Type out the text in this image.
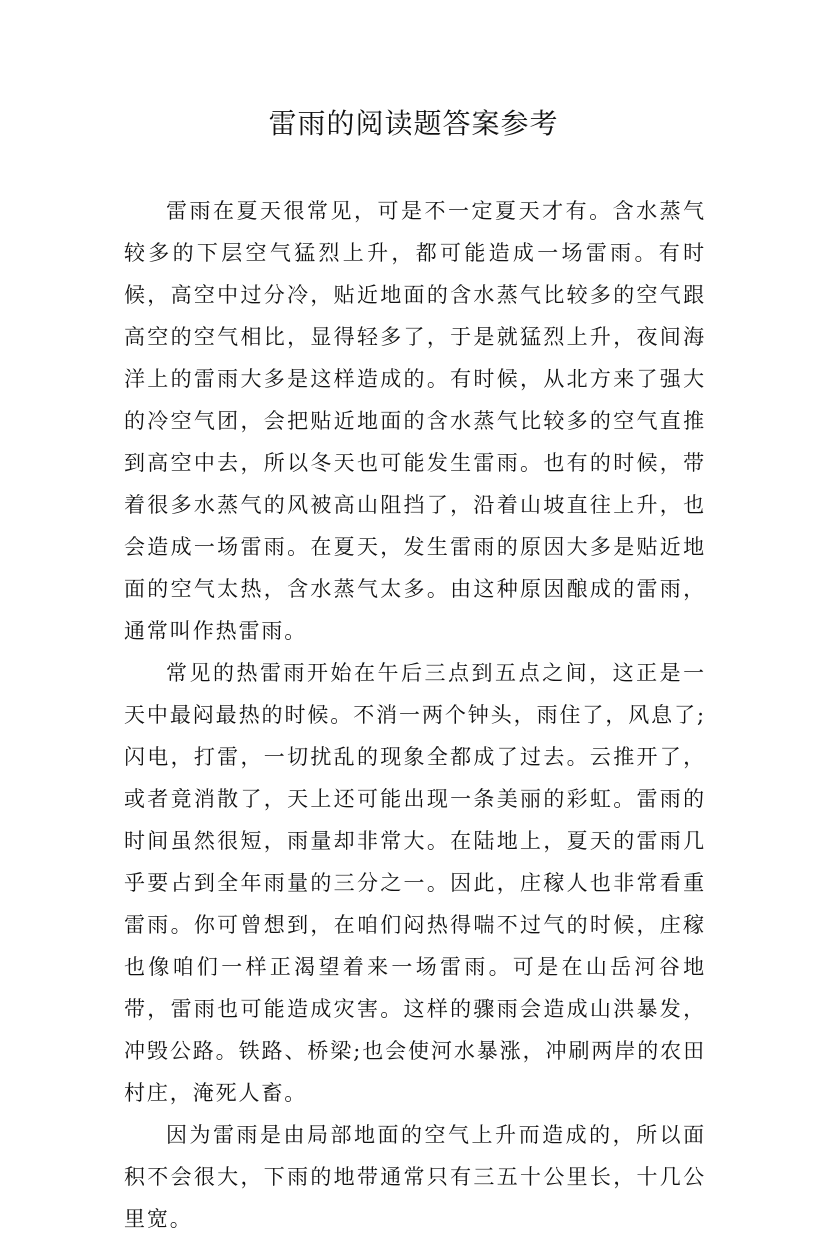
雷雨的阅读题答案参考

雷雨在夏天很常见，可是不一定夏天才有。含水蒸气较多的下层空气猛烈上升，都可能造成一场雷雨。有时候，高空中过分冷，贴近地面的含水蒸气比较多的空气跟高空的空气相比，显得轻多了，于是就猛烈上升，夜间海洋上的雷雨大多是这样造成的。有时候，从北方来了强大的冷空气团，会把贴近地面的含水蒸气比较多的空气直推到高空中去，所以冬天也可能发生雷雨。也有的时候，带着很多水蒸气的风被高山阻挡了，沿着山坡直往上升，也会造成一场雷雨。在夏天，发生雷雨的原因大多是贴近地面的空气太热，含水蒸气太多。由这种原因酿成的雷雨，通常叫作热雷雨。

常见的热雷雨开始在午后三点到五点之间，这正是一天中最闷最热的时候。不消一两个钟头，雨住了，风息了;闪电，打雷，一切扰乱的现象全都成了过去。云推开了，或者竟消散了，天上还可能出现一条美丽的彩虹。雷雨的时间虽然很短，雨量却非常大。在陆地上，夏天的雷雨几乎要占到全年雨量的三分之一。因此，庄稼人也非常看重雷雨。你可曾想到，在咱们闷热得喘不过气的时候，庄稼也像咱们一样正渴望着来一场雷雨。可是在山岳河谷地带，雷雨也可能造成灾害。这样的骤雨会造成山洪暴发，冲毁公路。铁路、桥梁;也会使河水暴涨，冲刷两岸的农田村庄，淹死人畜。

因为雷雨是由局部地面的空气上升而造成的，所以面积不会很大，下雨的地带通常只有三五十公里长，十几公里宽。
